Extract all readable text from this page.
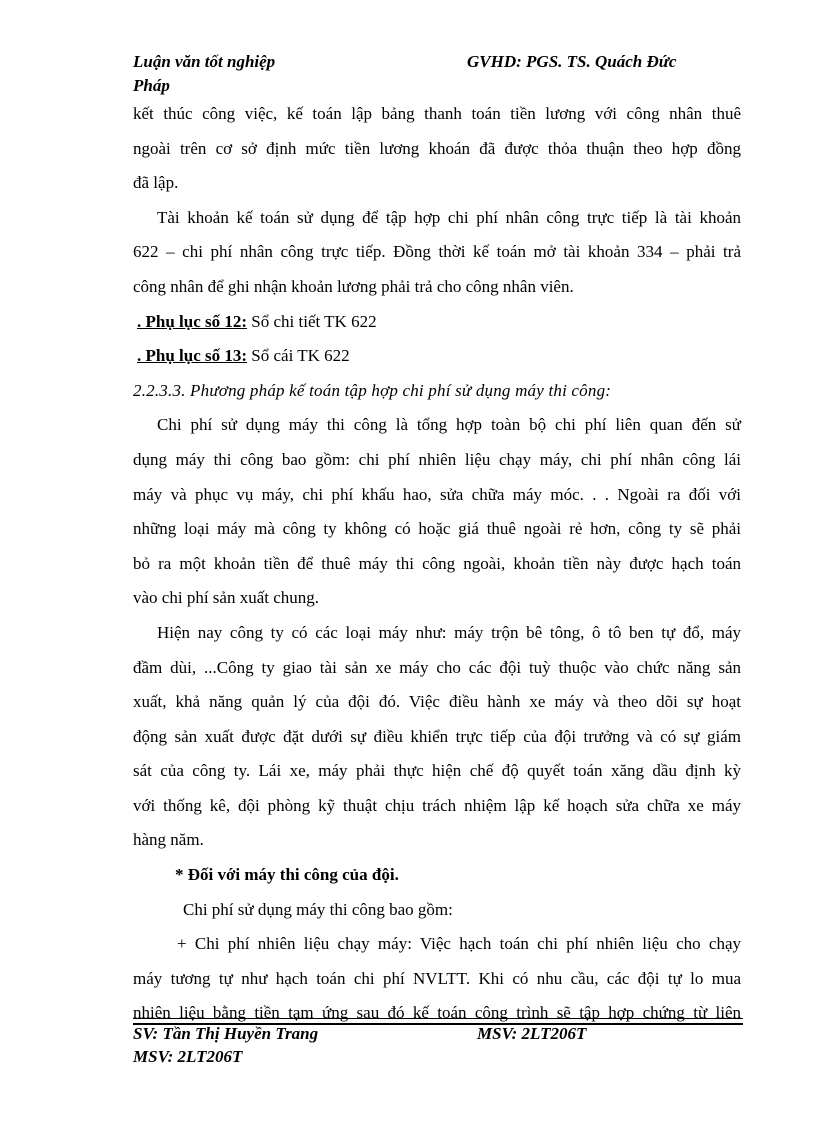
Luận văn tốt nghiệp	GVHD: PGS. TS. Quách Đức
Pháp
kết thúc công việc, kế toán lập bảng thanh toán tiền lương với công nhân thuê
ngoài trên cơ sở định mức tiền lương khoán đã được thỏa thuận theo hợp đồng
đã lập.
Tài khoản kế toán sử dụng để tập hợp chi phí nhân công trực tiếp là tài khoản
622 – chi phí nhân công trực tiếp. Đồng thời kế toán mở tài khoản 334 – phải trả
công nhân để ghi nhận khoản lương phải trả cho công nhân viên.
. Phụ lục số 12: Sổ chi tiết TK 622
. Phụ lục số 13: Sổ cái TK 622
2.2.3.3. Phương pháp kế toán tập hợp chi phí sử dụng máy thi công:
Chi phí sử dụng máy thi công là tổng hợp toàn bộ chi phí liên quan đến sử
dụng máy thi công bao gồm: chi phí nhiên liệu chạy máy, chi phí nhân công lái
máy và phục vụ máy, chi phí khấu hao, sửa chữa máy móc. . . Ngoài ra đối với
những loại máy mà công ty không có hoặc giá thuê ngoài rẻ hơn, công ty sẽ phải
bỏ ra một khoản tiền để thuê máy thi công ngoài, khoản tiền này được hạch toán
vào chi phí sản xuất chung.
Hiện nay công ty có các loại máy như: máy trộn bê tông, ô tô ben tự đổ, máy
đầm dùi, ...Công ty giao tài sản xe máy cho các đội tuỳ thuộc vào chức năng sản
xuất, khả năng quản lý của đội đó. Việc điều hành xe máy và theo dõi sự hoạt
động sản xuất được đặt dưới sự điều khiển trực tiếp của đội trưởng và có sự giám
sát của công ty. Lái xe, máy phải thực hiện chế độ quyết toán xăng dầu định kỳ
với thống kê, đội phòng kỹ thuật chịu trách nhiệm lập kế hoạch sửa chữa xe máy
hàng năm.
* Đối với máy thi công của đội.
Chi phí sử dụng máy thi công bao gồm:
+ Chi phí nhiên liệu chạy máy: Việc hạch toán chi phí nhiên liệu cho chạy
máy tương tự như hạch toán chi phí NVLTT. Khi có nhu cầu, các đội tự lo mua
nhiên liệu bằng tiền tạm ứng sau đó kế toán công trình sẽ tập hợp chứng từ liên
SV: Tần Thị Huyền Trang	MSV: 2LT206T
MSV: 2LT206T
